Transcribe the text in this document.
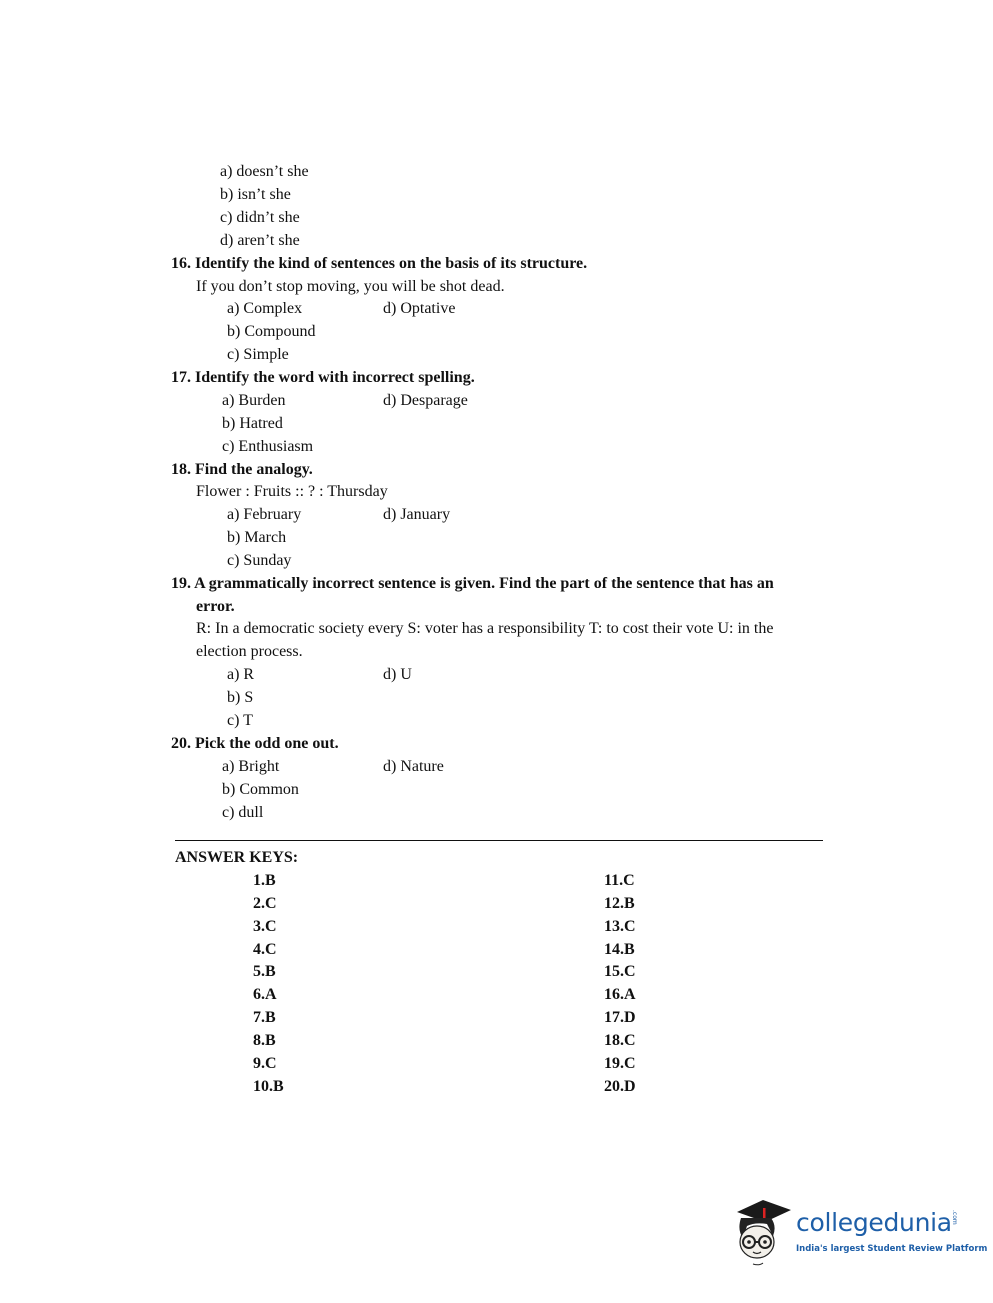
a) doesn’t she
b) isn’t she
c) didn’t she
d) aren’t she
16. Identify the kind of sentences on the basis of its structure.
If you don’t stop moving, you will be shot dead.
a) Complex	d) Optative
b) Compound
c) Simple
17. Identify the word with incorrect spelling.
a) Burden	d) Desparage
b) Hatred
c) Enthusiasm
18. Find the analogy.
Flower : Fruits :: ? : Thursday
a) February	d) January
b) March
c) Sunday
19. A grammatically incorrect sentence is given. Find the part of the sentence that has an
error.
R: In a democratic society every S: voter has a responsibility T: to cost their vote U: in the
election process.
a) R	d) U
b) S
c) T
20. Pick the odd one out.
a) Bright	d) Nature
b) Common
c) dull
ANSWER KEYS:
1.B
2.C
3.C
4.C
5.B
6.A
7.B
8.B
9.C
10.B
11.C
12.B
13.C
14.B
15.C
16.A
17.D
18.C
19.C
20.D
collegedunia .com
India's largest Student Review Platform
